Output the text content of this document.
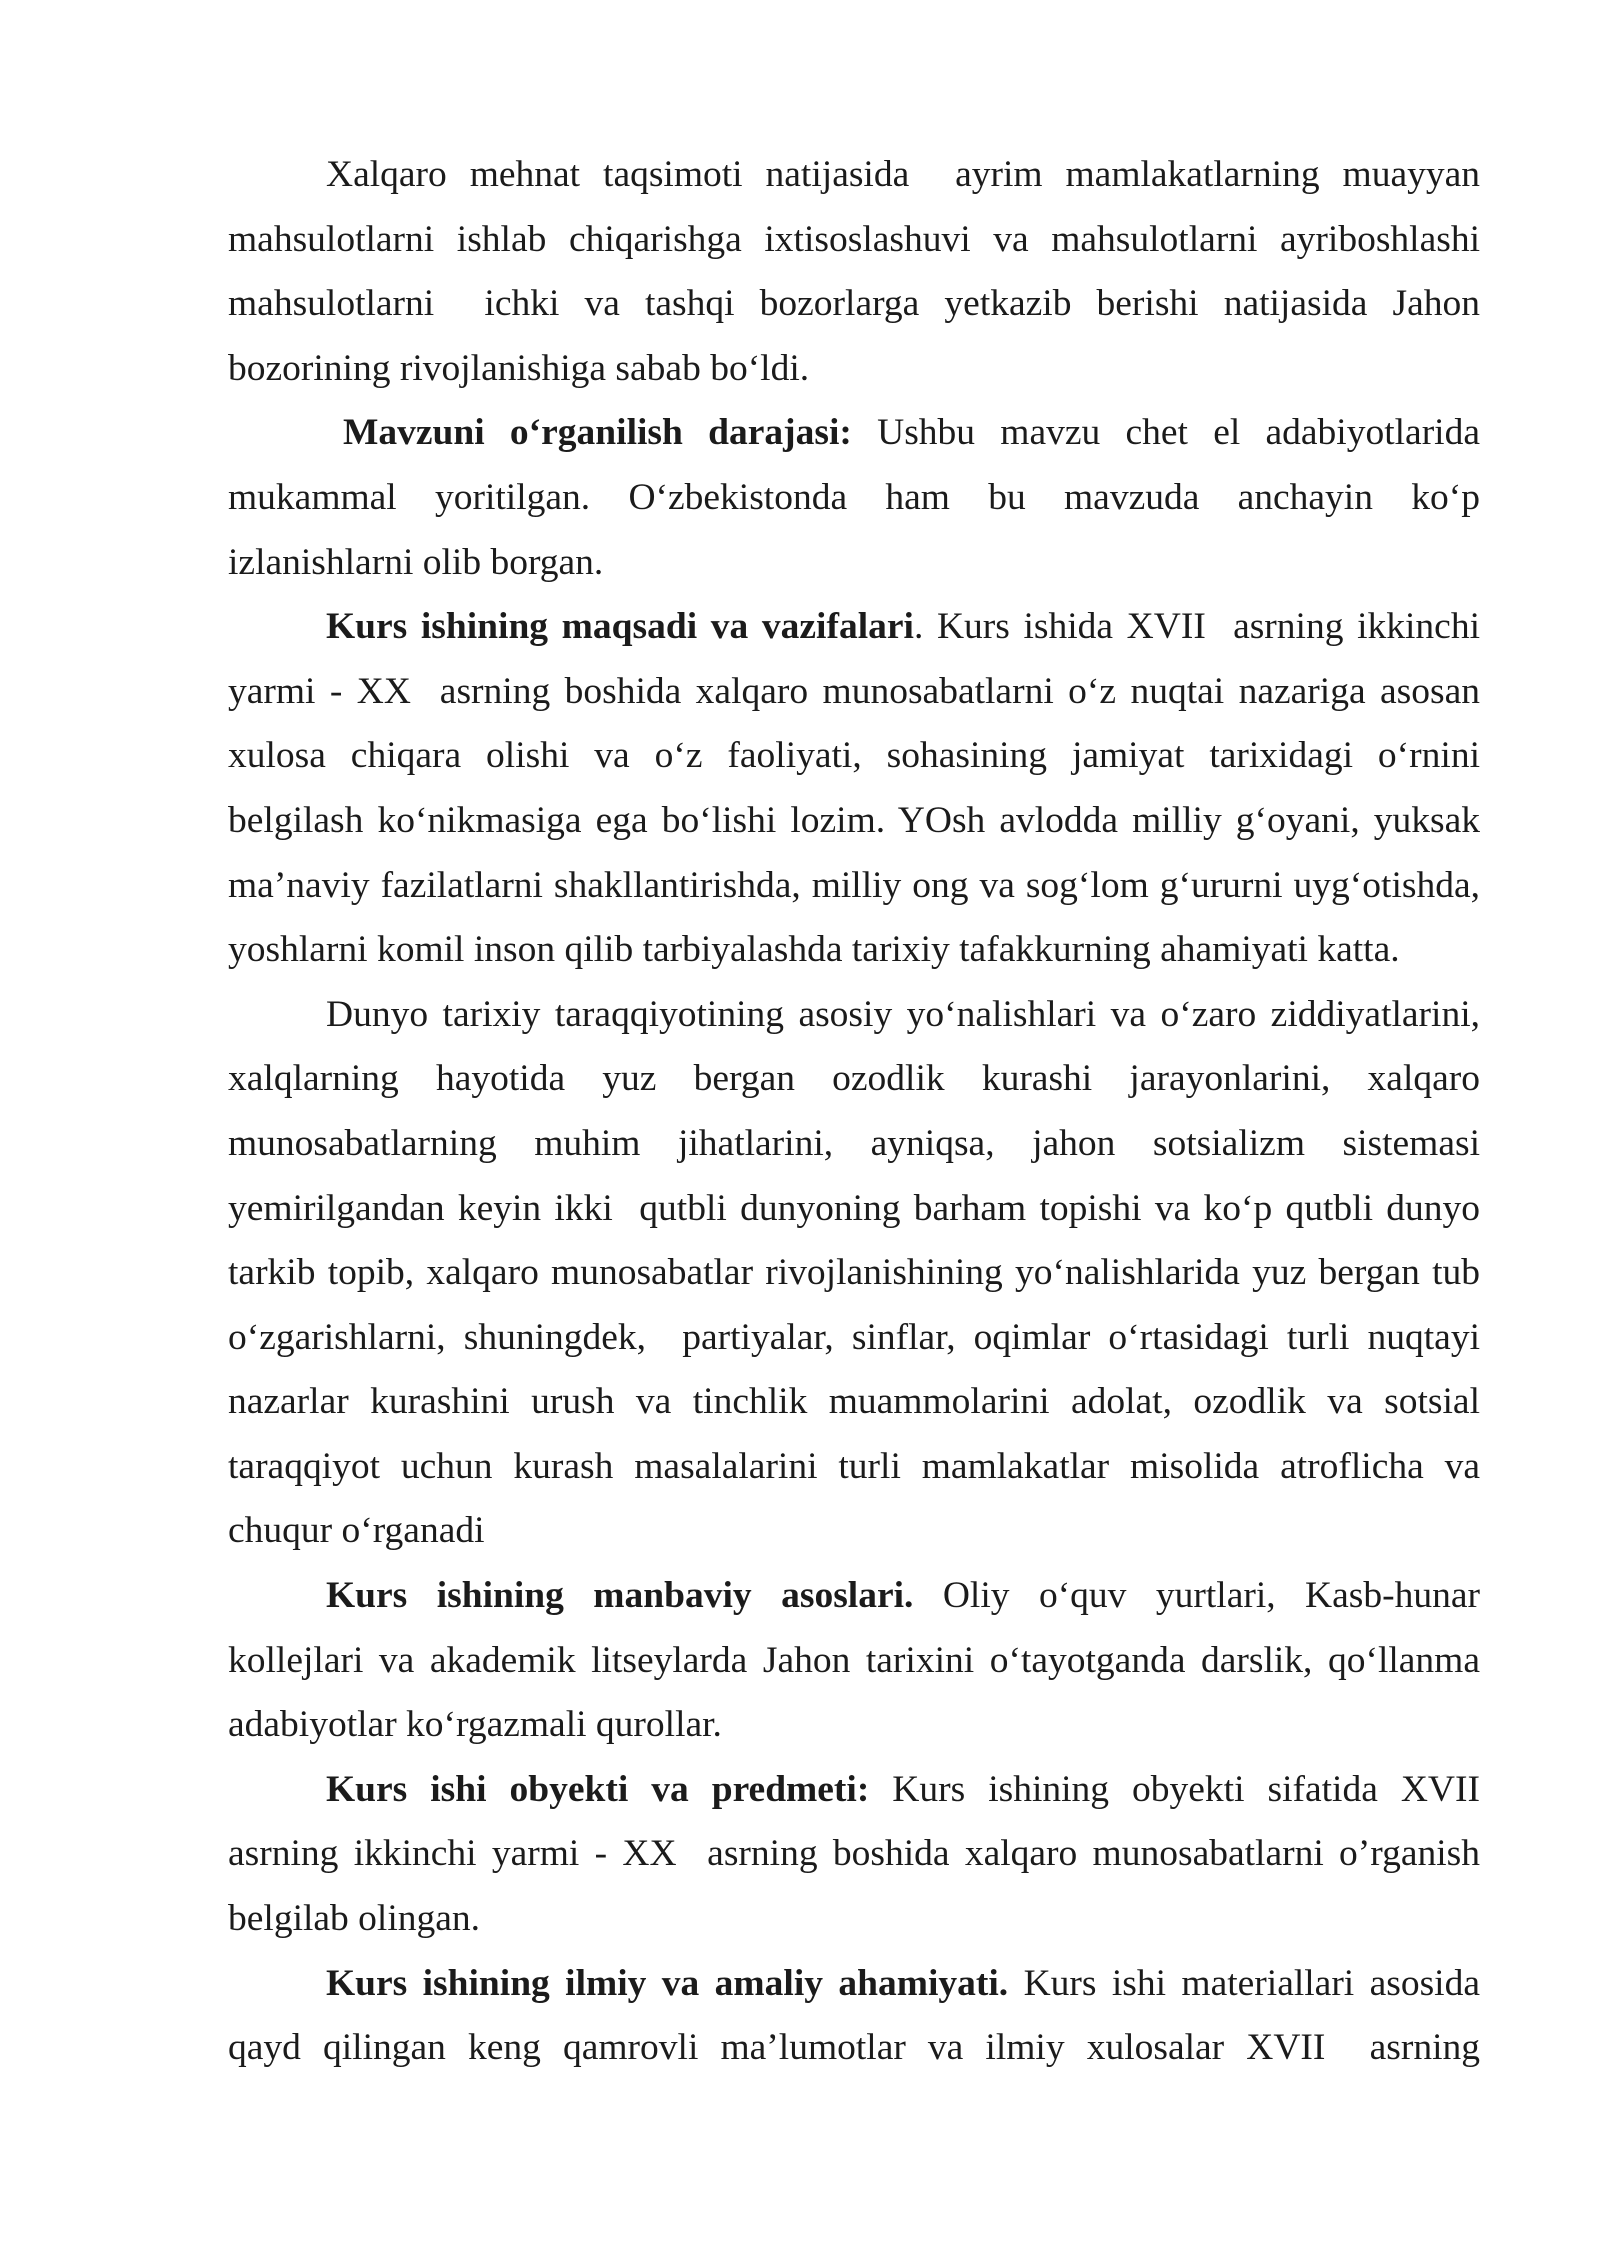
Xalqaro mehnat taqsimoti natijasida  ayrim mamlakatlarning muayyan
mahsulotlarni ishlab chiqarishga ixtisoslashuvi va mahsulotlarni ayriboshlashi
mahsulotlarni  ichki va tashqi bozorlarga yetkazib berishi natijasida Jahon
bozorining rivojlanishiga sabab bo‘ldi.
Mavzuni o‘rganilish darajasi: Ushbu mavzu chet el adabiyotlarida
mukammal yoritilgan. O‘zbekistonda ham bu mavzuda anchayin ko‘p
izlanishlarni olib borgan.
Kurs ishining maqsadi va vazifalari. Kurs ishida XVII  asrning ikkinchi
yarmi - XX  asrning boshida xalqaro munosabatlarni o‘z nuqtai nazariga asosan
xulosa chiqara olishi va o‘z faoliyati, sohasining jamiyat tarixidagi o‘rnini
belgilash ko‘nikmasiga ega bo‘lishi lozim. YOsh avlodda milliy g‘oyani, yuksak
ma’naviy fazilatlarni shakllantirishda, milliy ong va sog‘lom g‘ururni uyg‘otishda,
yoshlarni komil inson qilib tarbiyalashda tarixiy tafakkurning ahamiyati katta.
Dunyo tarixiy taraqqiyotining asosiy yo‘nalishlari va o‘zaro ziddiyatlarini,
xalqlarning hayotida yuz bergan ozodlik kurashi jarayonlarini, xalqaro
munosabatlarning muhim jihatlarini, ayniqsa, jahon sotsializm sistemasi
yemirilgandan keyin ikki  qutbli dunyoning barham topishi va ko‘p qutbli dunyo
tarkib topib, xalqaro munosabatlar rivojlanishining yo‘nalishlarida yuz bergan tub
o‘zgarishlarni, shuningdek,  partiyalar, sinflar, oqimlar o‘rtasidagi turli nuqtayi
nazarlar kurashini urush va tinchlik muammolarini adolat, ozodlik va sotsial
taraqqiyot uchun kurash masalalarini turli mamlakatlar misolida atroflicha va
chuqur o‘rganadi
Kurs ishining manbaviy asoslari. Oliy o‘quv yurtlari, Kasb-hunar
kollejlari va akademik litseylarda Jahon tarixini o‘tayotganda darslik, qo‘llanma
adabiyotlar ko‘rgazmali qurollar.
Kurs ishi obyekti va predmeti: Kurs ishining obyekti sifatida XVII
asrning ikkinchi yarmi - XX  asrning boshida xalqaro munosabatlarni o’rganish
belgilab olingan.
Kurs ishining ilmiy va amaliy ahamiyati. Kurs ishi materiallari asosida
qayd qilingan keng qamrovli ma’lumotlar va ilmiy xulosalar XVII  asrning
